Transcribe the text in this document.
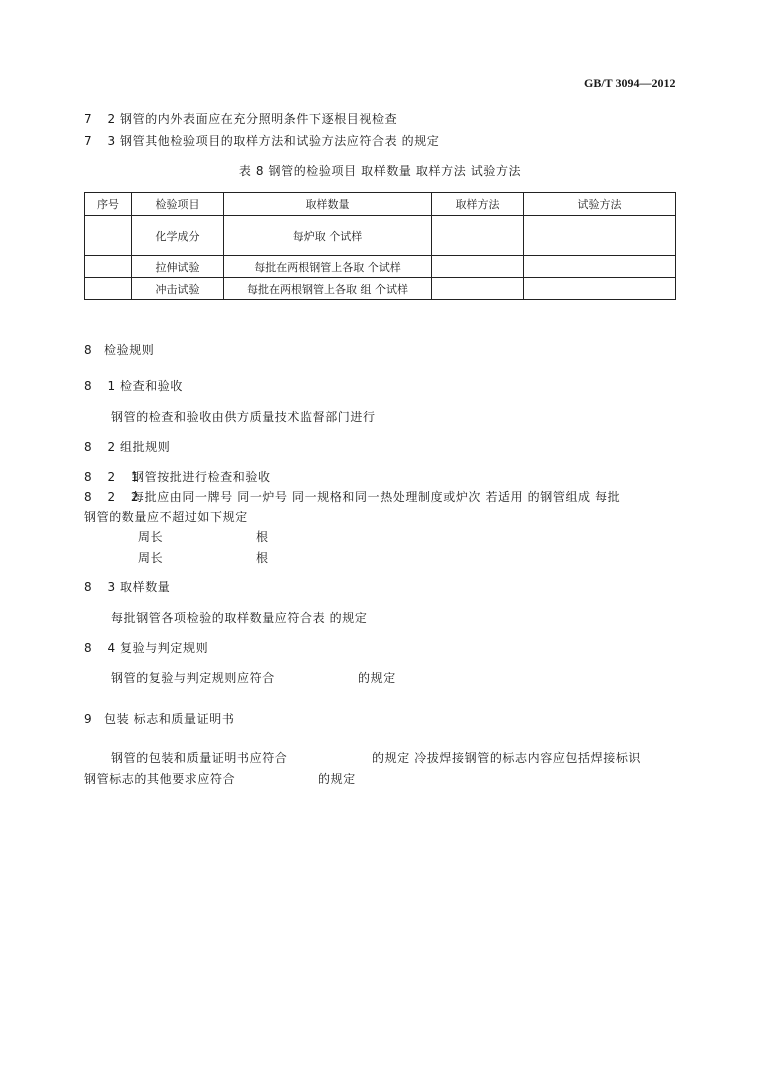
GB/T 3094—2012
7 2钢管的内外表面应在充分照明条件下逐根目视检查
7 3钢管其他检验项目的取样方法和试验方法应符合表 的规定
表 8 钢管的检验项目 取样数量 取样方法 试验方法
序号	检验项目	取样数量	取样方法	试验方法
	化学成分	每炉取 个试样		
	拉伸试验	每批在两根钢管上各取 个试样		
	冲击试验	每批在两根钢管上各取 组 个试样		
8 检验规则
8 1检查和验收
钢管的检查和验收由供方质量技术监督部门进行
8 2组批规则
8 2 1钢管按批进行检查和验收
8 2 2每批应由同一牌号 同一炉号 同一规格和同一热处理制度或炉次 若适用 的钢管组成 每批
钢管的数量应不超过如下规定
周长	根
周长	根
8 3取样数量
每批钢管各项检验的取样数量应符合表 的规定
8 4复验与判定规则
钢管的复验与判定规则应符合	的规定
9 包装 标志和质量证明书
钢管的包装和质量证明书应符合	的规定 冷拔焊接钢管的标志内容应包括焊接标识
钢管标志的其他要求应符合	的规定
